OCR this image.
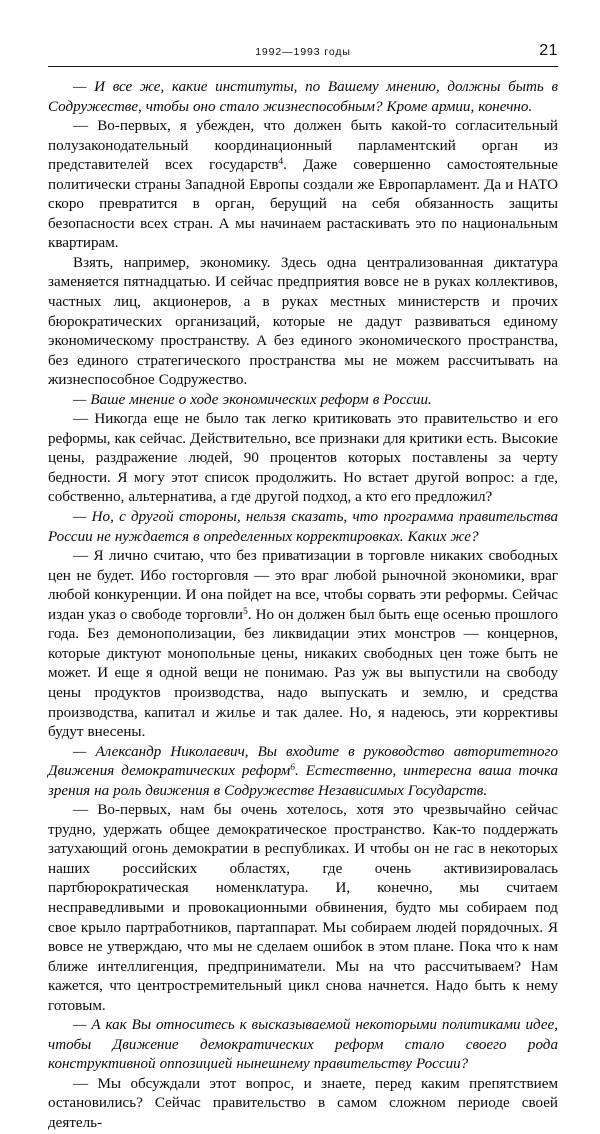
1992—1993 годы	21

— И все же, какие институты, по Вашему мнению, должны быть в Содружестве, чтобы оно стало жизнеспособным? Кроме армии, конечно.

— Во-первых, я убежден, что должен быть какой-то согласительный полузаконодательный координационный парламентский орган из представителей всех государств$^4$. Даже совершенно самостоятельные политически страны Западной Европы создали же Европарламент. Да и НАТО скоро превратится в орган, берущий на себя обязанность защиты безопасности всех стран. А мы начинаем растаскивать это по национальным квартирам.

Взять, например, экономику. Здесь одна централизованная диктатура заменяется пятнадцатью. И сейчас предприятия вовсе не в руках коллективов, частных лиц, акционеров, а в руках местных министерств и прочих бюрократических организаций, которые не дадут развиваться единому экономическому пространству. А без единого экономического пространства, без единого стратегического пространства мы не можем рассчитывать на жизнеспособное Содружество.

— Ваше мнение о ходе экономических реформ в России.

— Никогда еще не было так легко критиковать это правительство и его реформы, как сейчас. Действительно, все признаки для критики есть. Высокие цены, раздражение людей, 90 процентов которых поставлены за черту бедности. Я могу этот список продолжить. Но встает другой вопрос: а где, собственно, альтернатива, а где другой подход, а кто его предложил?

— Но, с другой стороны, нельзя сказать, что программа правительства России не нуждается в определенных корректировках. Каких же?

— Я лично считаю, что без приватизации в торговле никаких свободных цен не будет. Ибо госторговля — это враг любой рыночной экономики, враг любой конкуренции. И она пойдет на все, чтобы сорвать эти реформы. Сейчас издан указ о свободе торговли$^5$. Но он должен был быть еще осенью прошлого года. Без демонополизации, без ликвидации этих монстров — концернов, которые диктуют монопольные цены, никаких свободных цен тоже быть не может. И еще я одной вещи не понимаю. Раз уж вы выпустили на свободу цены продуктов производства, надо выпускать и землю, и средства производства, капитал и жилье и так далее. Но, я надеюсь, эти коррективы будут внесены.

— Александр Николаевич, Вы входите в руководство авторитетного Движения демократических реформ$^6$. Естественно, интересна ваша точка зрения на роль движения в Содружестве Независимых Государств.

— Во-первых, нам бы очень хотелось, хотя это чрезвычайно сейчас трудно, удержать общее демократическое пространство. Как-то поддержать затухающий огонь демократии в республиках. И чтобы он не гас в некоторых наших российских областях, где очень активизировалась партбюрократическая номенклатура. И, конечно, мы считаем несправедливыми и провокационными обвинения, будто мы собираем под свое крыло партработников, партаппарат. Мы собираем людей порядочных. Я вовсе не утверждаю, что мы не сделаем ошибок в этом плане. Пока что к нам ближе интеллигенция, предприниматели. Мы на что рассчитываем? Нам кажется, что центростремительный цикл снова начнется. Надо быть к нему готовым.

— А как Вы относитесь к высказываемой некоторыми политиками идее, чтобы Движение демократических реформ стало своего рода конструктивной оппозицией нынешнему правительству России?

— Мы обсуждали этот вопрос, и знаете, перед каким препятствием остановились? Сейчас правительство в самом сложном периоде своей деятель-
